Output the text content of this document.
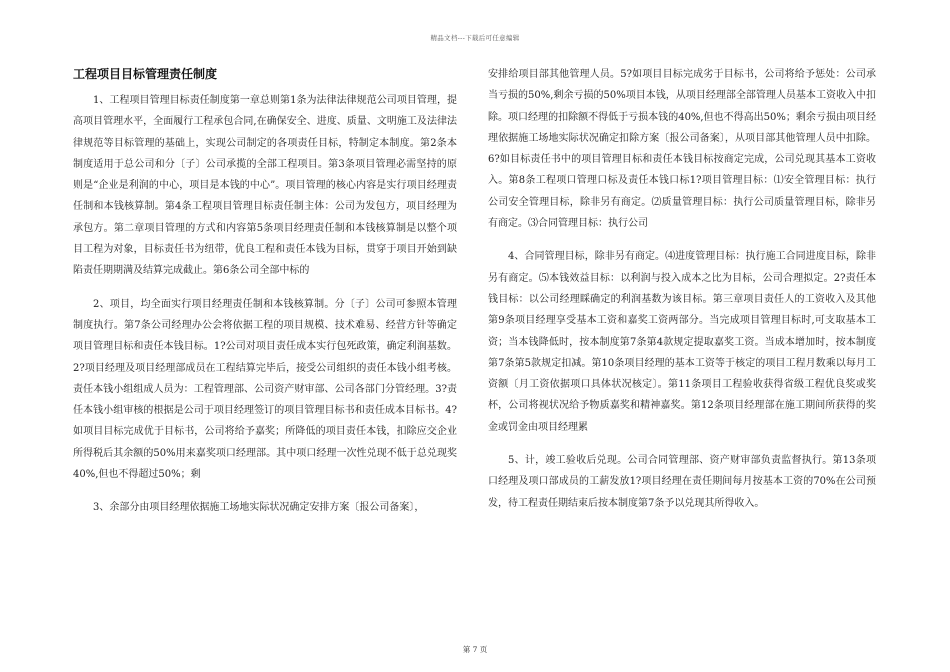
精品文档---下载后可任意编辑
工程项目目标管理责任制度

1、工程项目管理目标责任制度第一章总则第1条为法律法律规范公司项目管理，提高项目管理水平，全面履行工程承包合同,在确保安全、进度、质量、文明施工及法律法律规范等目标管理的基础上，实现公司制定的各项责任目标，特制定本制度。第2条本制度适用于总公司和分〔子〕公司承揽的全部工程项目。第3条项目管理必需坚持的原则是“企业是利润的中心，项目是本钱的中心”。项目管理的核心内容是实行项目经理责任制和本钱核算制。第4条工程项目管理目标责任制主体：公司为发包方，项目经理为承包方。第二章项目管理的方式和内容第5条项目经理责任制和本钱核算制是以整个项目工程为对象，目标责任书为纽带，优良工程和责任本钱为目标，贯穿于项目开始到缺陷责任期期满及结算完成截止。第6条公司全部中标的

2、项目，均全面实行项目经理责任制和本钱核算制。分〔子〕公司可参照本管理制度执行。第7条公司经理办公会将依据工程的项目规模、技术难易、经营方针等确定项目管理目标和责任本钱目标。1?公司对项目责任成本实行包死政策，确定利润基数。2?项目经理及项目经理部成员在工程结算完毕后，接受公司组织的责任本钱小组考核。责任本钱小组组成人员为：工程管理部、公司资产财审部、公司各部门分管经理。3?责任本钱小组审核的根据是公司于项目经理签订的项目管理目标书和责任成本目标书。4?如项目目标完成优于目标书，公司将给予嘉奖；所降低的项目责任本钱，扣除应交企业所得税后其余额的50%用来嘉奖项口经理部。其中项口经理一次性兑现不低于总兑现奖40%,但也不得超过50%；剩

3、余部分由项目经理依据施工场地实际状况确定安排方案〔报公司备案〕，

安排给项目部其他管理人员。5?如项目目标完成劣于目标书，公司将给予惩处：公司承当亏损的50%,剩余亏损的50%项目本钱，从项目经理部全部管理人员基本工资收入中扣除。项口经理的扣除额不得低于亏损本钱的40%,但也不得高出50%；剩余亏损由项目经理依据施工场地实际状况确定扣除方案〔报公司备案〕，从项目部其他管理人员中扣除。6?如目标责任书中的项目管理目标和责任本钱目标按商定完成，公司兑现其基本工资收入。第8条工程项口管理口标及责任本钱口标1?项目管理目标：⑴安全管理目标：执行公司安全管理目标，除非另有商定。⑵质量管理目标：执行公司质量管理目标，除非另有商定。⑶合同管理目标：执行公司

4、合同管理目标，除非另有商定。⑷进度管理目标：执行施工合同进度目标，除非另有商定。⑸本钱效益目标：以利润与投入成本之比为目标，公司合理拟定。2?责任本钱目标：以公司经理睬确定的利润基数为该目标。第三章项目责任人的工资收入及其他第9条项目经理享受基本工资和嘉奖工资两部分。当完成项目管理目标时,可支取基本工资；当本钱降低时，按本制度第7条第4款规定提取嘉奖工资。当成本增加时，按本制度第7条第5款规定扣减。第10条项目经理的基本工资等于核定的项目工程月数乘以每月工资额〔月工资依据项口具体状况核定〕。第11条项目工程验收获得省级工程优良奖或奖杯，公司将视状况给予物质嘉奖和精神嘉奖。第12条项目经理部在施工期间所获得的奖金或罚金由项目经理累

5、计，竣工验收后兑现。公司合同管理部、资产财审部负责监督执行。第13条项口经理及项口部成员的工薪发放1?项目经理在责任期间每月按基本工资的70%在公司预发，待工程责任期结束后按本制度第7条予以兑现其所得收入。

第 7 页
